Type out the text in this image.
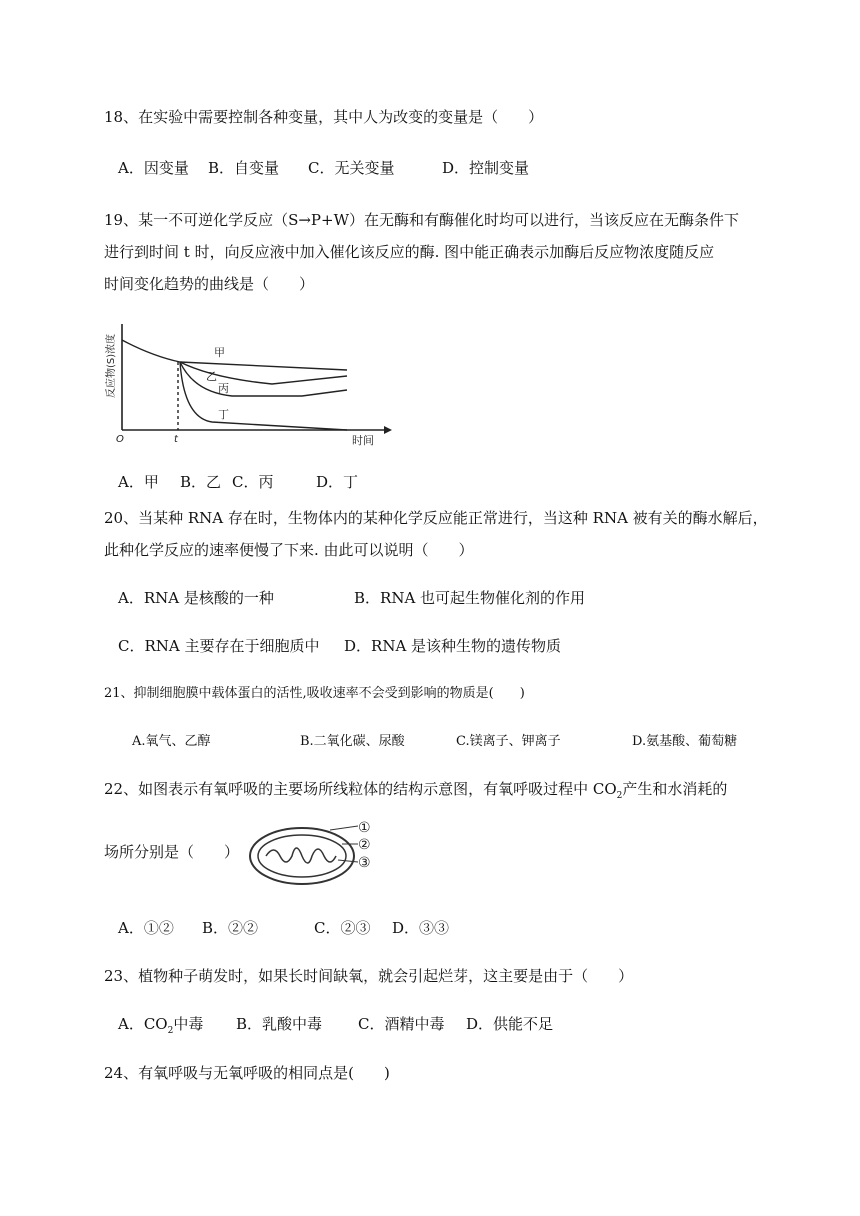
18、在实验中需要控制各种变量，其中人为改变的变量是（　　）
A．因变量 B．自变量 C．无关变量	D．控制变量
19、某一不可逆化学反应（S→P+W）在无酶和有酶催化时均可以进行，当该反应在无酶条件下
进行到时间 t 时，向反应液中加入催化该反应的酶. 图中能正确表示加酶后反应物浓度随反应
时间变化趋势的曲线是（　　）
反应物(S)浓度	甲
乙
丙
丁
O	t	时间
A．甲 B．乙 C．丙	D．丁
20、当某种 RNA 存在时，生物体内的某种化学反应能正常进行，当这种 RNA 被有关的酶水解后，
此种化学反应的速率便慢了下来. 由此可以说明（　　）
A．RNA 是核酸的一种	B．RNA 也可起生物催化剂的作用
C．RNA 主要存在于细胞质中 D．RNA 是该种生物的遗传物质
21、抑制细胞膜中载体蛋白的活性,吸收速率不会受到影响的物质是(　　)
A.氧气、乙醇	B.二氧化碳、尿酸	C.镁离子、钾离子	D.氨基酸、葡萄糖
22、如图表示有氧呼吸的主要场所线粒体的结构示意图，有氧呼吸过程中 $CO_2$产生和水消耗的
场所分别是（　　）
①
②
③
A．①② B．②②	C．②③ D．③③
23、植物种子萌发时，如果长时间缺氧，就会引起烂芽，这主要是由于（　　）
A．$CO_2$中毒 B．乳酸中毒 C．酒精中毒 D．供能不足
24、有氧呼吸与无氧呼吸的相同点是(　　)
